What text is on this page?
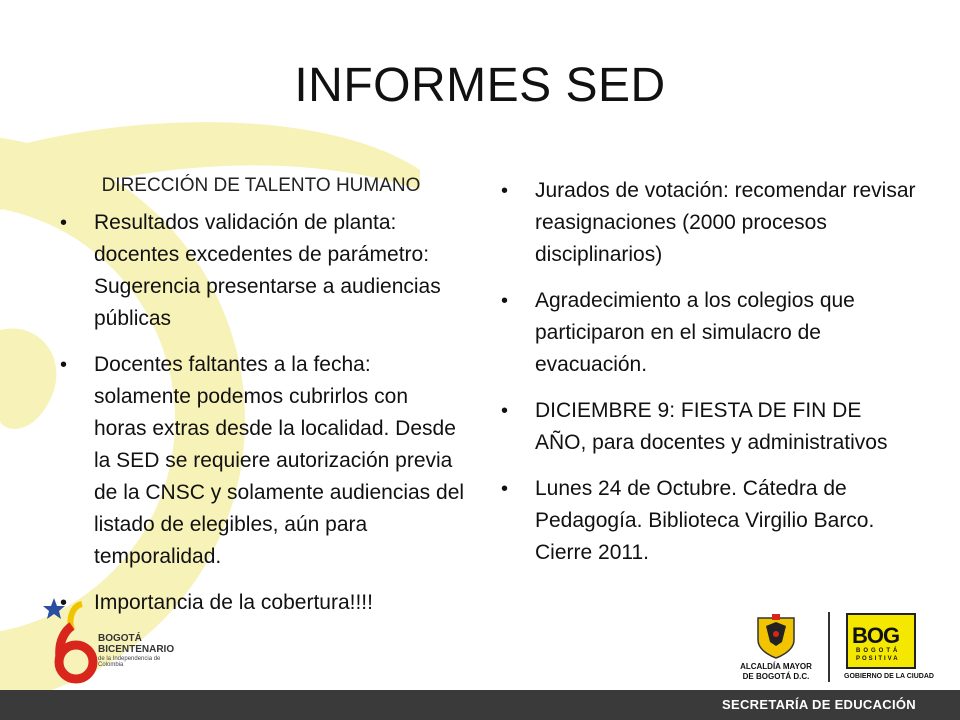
INFORMES SED
DIRECCIÓN DE TALENTO HUMANO
• Resultados validación de planta: docentes excedentes de parámetro: Sugerencia presentarse a audiencias públicas
• Docentes faltantes a la fecha: solamente podemos cubrirlos con horas extras desde la localidad. Desde la SED se requiere autorización previa de la CNSC y solamente audiencias del listado de elegibles, aún para temporalidad.
• Importancia de la cobertura!!!!
• Jurados de votación: recomendar revisar reasignaciones (2000 procesos disciplinarios)
• Agradecimiento a los colegios que participaron en el simulacro de evacuación.
• DICIEMBRE 9: FIESTA DE FIN DE AÑO, para docentes y administrativos
• Lunes 24 de Octubre. Cátedra de Pedagogía. Biblioteca Virgilio Barco. Cierre 2011.
BOGOTÁ
BICENTENARIO
de la Independencia de Colombia	ALCALDÍA MAYOR
DE BOGOTÁ D.C.
BOG
BOGOTÁ
POSITIVA
GOBIERNO DE LA CIUDAD
SECRETARÍA DE EDUCACIÓN
